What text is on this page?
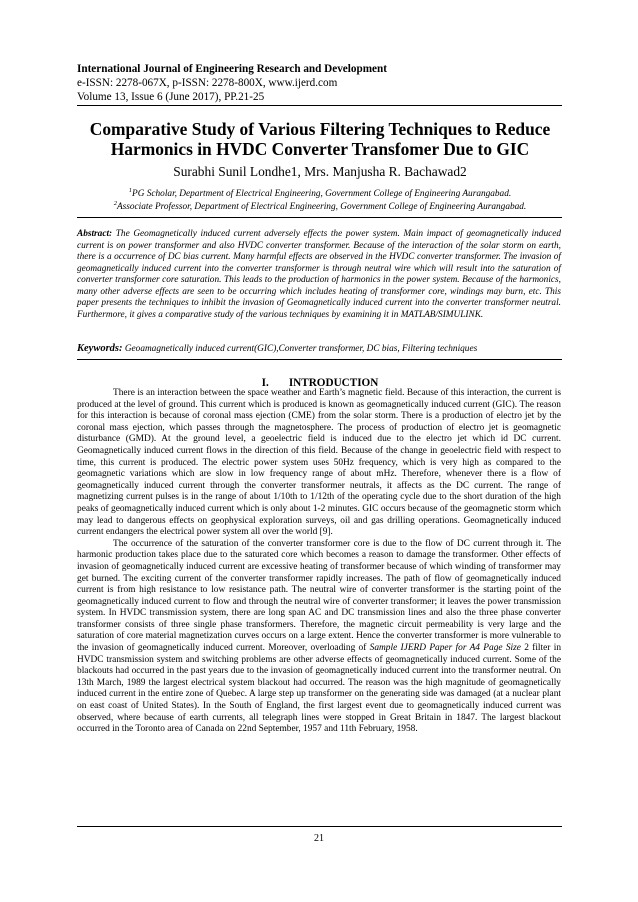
International Journal of Engineering Research and Development
e-ISSN: 2278-067X, p-ISSN: 2278-800X, www.ijerd.com
Volume 13, Issue 6 (June 2017), PP.21-25
Comparative Study of Various Filtering Techniques to Reduce
Harmonics in HVDC Converter Transfomer Due to GIC
Surabhi Sunil Londhe1, Mrs. Manjusha R. Bachawad2
$^1$PG Scholar, Department of Electrical Engineering, Government College of Engineering Aurangabad.
$^2$Associate Professor, Department of Electrical Engineering, Government College of Engineering Aurangabad.
Abstract: The Geomagnetically induced current adversely effects the power system. Main impact of geomagnetically induced current is on power transformer and also HVDC converter transformer. Because of the interaction of the solar storm on earth, there is a occurrence of DC bias current. Many harmful effects are observed in the HVDC converter transformer. The invasion of geomagnetically induced current into the converter transformer is through neutral wire which will result into the saturation of converter transformer core saturation. This leads to the production of harmonics in the power system. Because of the harmonics, many other adverse effects are seen to be occurring which includes heating of transformer core, windings may burn, etc. This paper presents the techniques to inhibit the invasion of Geomagnetically induced current into the converter transformer neutral. Furthermore, it gives a comparative study of the various techniques by examining it in MATLAB/SIMULINK.
Keywords: Geoamagnetically induced current(GIC),Converter transformer, DC bias, Filtering techniques
I. INTRODUCTION

There is an interaction between the space weather and Earth’s magnetic field. Because of this interaction, the current is produced at the level of ground. This current which is produced is known as geomagnetically induced current (GIC). The reason for this interaction is because of coronal mass ejection (CME) from the solar storm. There is a production of electro jet by the coronal mass ejection, which passes through the magnetosphere. The process of production of electro jet is geomagnetic disturbance (GMD). At the ground level, a geoelectric field is induced due to the electro jet which id DC current. Geomagnetically induced current flows in the direction of this field. Because of the change in geoelectric field with respect to time, this current is produced. The electric power system uses 50Hz frequency, which is very high as compared to the geomagnetic variations which are slow in low frequency range of about mHz. Therefore, whenever there is a flow of geomagnetically induced current through the converter transformer neutrals, it affects as the DC current. The range of magnetizing current pulses is in the range of about 1/10th to 1/12th of the operating cycle due to the short duration of the high peaks of geomagnetically induced current which is only about 1-2 minutes. GIC occurs because of the geomagnetic storm which may lead to dangerous effects on geophysical exploration surveys, oil and gas drilling operations. Geomagnetically induced current endangers the electrical power system all over the world [9].

The occurrence of the saturation of the converter transformer core is due to the flow of DC current through it. The harmonic production takes place due to the saturated core which becomes a reason to damage the transformer. Other effects of invasion of geomagnetically induced current are excessive heating of transformer because of which winding of transformer may get burned. The exciting current of the converter transformer rapidly increases. The path of flow of geomagnetically induced current is from high resistance to low resistance path. The neutral wire of converter transformer is the starting point of the geomagnetically induced current to flow and through the neutral wire of converter transformer; it leaves the power transmission system. In HVDC transmission system, there are long span AC and DC transmission lines and also the three phase converter transformer consists of three single phase transformers. Therefore, the magnetic circuit permeability is very large and the saturation of core material magnetization curves occurs on a large extent. Hence the converter transformer is more vulnerable to the invasion of geomagnetically induced current. Moreover, overloading of Sample IJERD Paper for A4 Page Size 2 filter in HVDC transmission system and switching problems are other adverse effects of geomagnetically induced current. Some of the blackouts had occurred in the past years due to the invasion of geomagnetically induced current into the transformer neutral. On 13th March, 1989 the largest electrical system blackout had occurred. The reason was the high magnitude of geomagnetically induced current in the entire zone of Quebec. A large step up transformer on the generating side was damaged (at a nuclear plant on east coast of United States). In the South of England, the first largest event due to geomagnetically induced current was observed, where because of earth currents, all telegraph lines were stopped in Great Britain in 1847. The largest blackout occurred in the Toronto area of Canada on 22nd September, 1957 and 11th February, 1958.

21
